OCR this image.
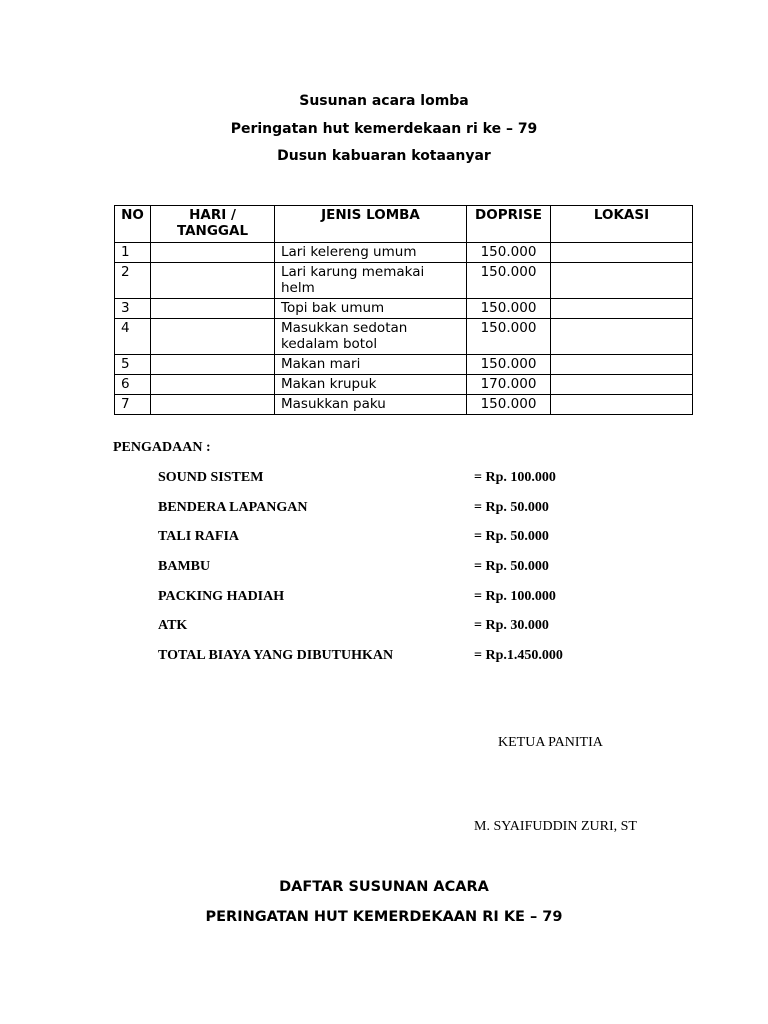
Susunan acara lomba
Peringatan hut kemerdekaan ri ke – 79
Dusun kabuaran kotaanyar
NO	HARI / TANGGAL	JENIS LOMBA	DOPRISE	LOKASI
1		Lari kelereng umum	150.000	
2		Lari karung memakai helm	150.000	
3		Topi bak umum	150.000	
4		Masukkan sedotan kedalam botol	150.000	
5		Makan mari	150.000	
6		Makan krupuk	170.000	
7		Masukkan paku	150.000	
PENGADAAN :
SOUND SISTEM	= Rp. 100.000
BENDERA LAPANGAN	= Rp. 50.000
TALI RAFIA	= Rp. 50.000
BAMBU	= Rp. 50.000
PACKING HADIAH	= Rp. 100.000
ATK	= Rp. 30.000
TOTAL BIAYA YANG DIBUTUHKAN	= Rp.1.450.000
KETUA PANITIA
M. SYAIFUDDIN ZURI, ST
DAFTAR SUSUNAN ACARA
PERINGATAN HUT KEMERDEKAAN RI KE – 79
